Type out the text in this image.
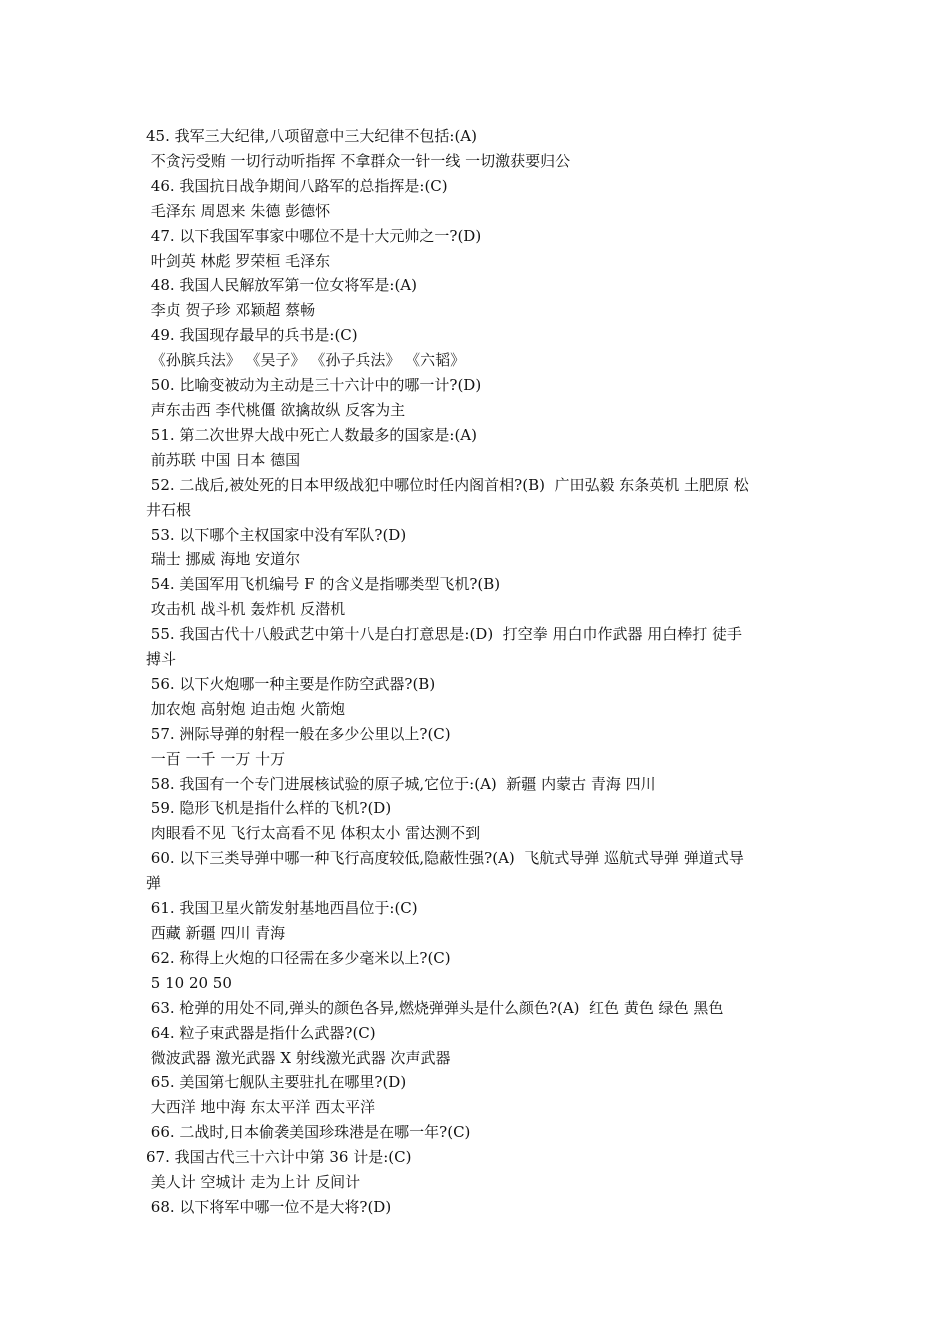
45. 我军三大纪律,八项留意中三大纪律不包括:(A)

不贪污受贿 一切行动听指挥 不拿群众一针一线 一切激获要归公

46. 我国抗日战争期间八路军的总指挥是:(C)

毛泽东 周恩来 朱德 彭德怀

47. 以下我国军事家中哪位不是十大元帅之一?(D)

叶剑英 林彪 罗荣桓 毛泽东

48. 我国人民解放军第一位女将军是:(A)

李贞 贺子珍 邓颖超 蔡畅

49. 我国现存最早的兵书是:(C)

《孙膑兵法》 《吴子》 《孙子兵法》 《六韬》

50. 比喻变被动为主动是三十六计中的哪一计?(D)

声东击西 李代桃僵 欲擒故纵 反客为主

51. 第二次世界大战中死亡人数最多的国家是:(A)

前苏联 中国 日本 德国

52. 二战后,被处死的日本甲级战犯中哪位时任内阁首相?(B)  广田弘毅 东条英机 土肥原 松

井石根

53. 以下哪个主权国家中没有军队?(D)

瑞士 挪威 海地 安道尔

54. 美国军用飞机编号 F 的含义是指哪类型飞机?(B)

攻击机 战斗机 轰炸机 反潜机

55. 我国古代十八般武艺中第十八是白打意思是:(D)  打空拳 用白巾作武器 用白棒打 徒手

搏斗

56. 以下火炮哪一种主要是作防空武器?(B)

加农炮 高射炮 迫击炮 火箭炮

57. 洲际导弹的射程一般在多少公里以上?(C)

一百 一千 一万 十万

58. 我国有一个专门进展核试验的原子城,它位于:(A)  新疆 内蒙古 青海 四川

59. 隐形飞机是指什么样的飞机?(D)

肉眼看不见 飞行太高看不见 体积太小 雷达测不到

60. 以下三类导弹中哪一种飞行高度较低,隐蔽性强?(A)  飞航式导弹 巡航式导弹 弹道式导

弹

61. 我国卫星火箭发射基地西昌位于:(C)

西藏 新疆 四川 青海

62. 称得上火炮的口径需在多少毫米以上?(C)

5 10 20 50

63. 枪弹的用处不同,弹头的颜色各异,燃烧弹弹头是什么颜色?(A)  红色 黄色 绿色 黑色

64. 粒子束武器是指什么武器?(C)

微波武器 激光武器 X 射线激光武器 次声武器

65. 美国第七舰队主要驻扎在哪里?(D)

大西洋 地中海 东太平洋 西太平洋

66. 二战时,日本偷袭美国珍珠港是在哪一年?(C)

67. 我国古代三十六计中第 36 计是:(C)

美人计 空城计 走为上计 反间计

68. 以下将军中哪一位不是大将?(D)
